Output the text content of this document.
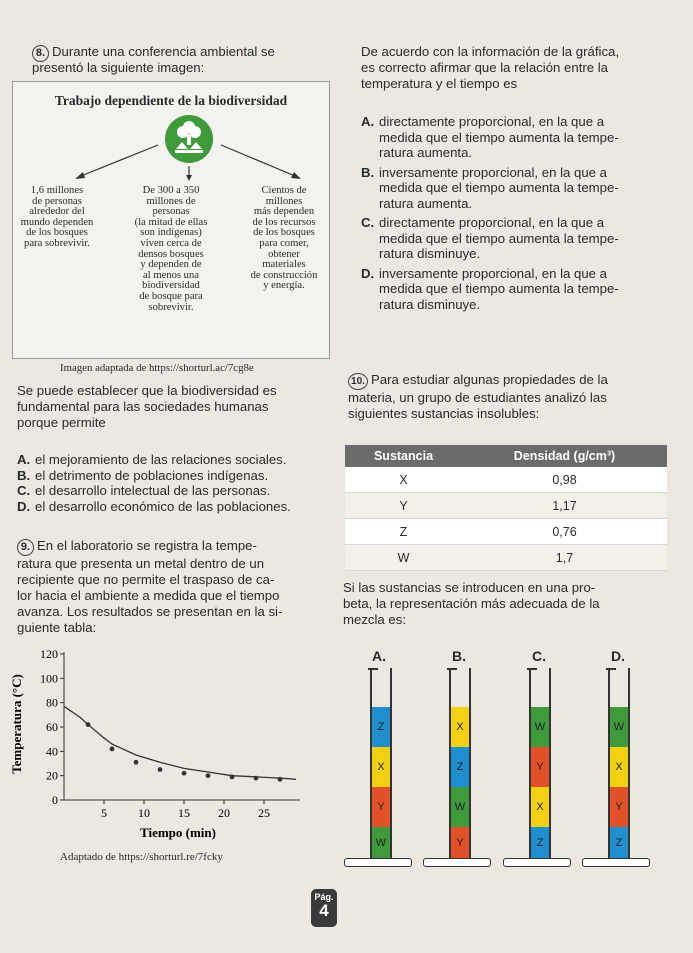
8. Durante una conferencia ambiental se
presentó la siguiente imagen:
Trabajo dependiente de la biodiversidad
1,6 millones
de personas
alrededor del
mundo dependen
de los bosques
para sobrevivir.
De 300 a 350
millones de
personas
(la mitad de ellas
son indígenas)
viven cerca de
densos bosques
y dependen de
al menos una
biodiversidad
de bosque para
sobrevivir.
Cientos de
millones
más dependen
de los recursos
de los bosques
para comer,
obtener
materiales
de construcción
y energía.
Imagen adaptada de https://shorturl.ac/7cg8e
Se puede establecer que la biodiversidad es
fundamental para las sociedades humanas
porque permite
A. el mejoramiento de las relaciones sociales.
B. el detrimento de poblaciones indígenas.
C. el desarrollo intelectual de las personas.
D. el desarrollo económico de las poblaciones.
9. En el laboratorio se registra la tempe-
ratura que presenta un metal dentro de un
recipiente que no permite el traspaso de ca-
lor hacia el ambiente a medida que el tiempo
avanza. Los resultados se presentan en la si-
guiente tabla:
0
20
40
60
80
100
120
5	10 15 20 25
Tiempo (min)
Temperatura (°C)
Adaptado de https://shorturl.re/7fcky
De acuerdo con la información de la gráfica,
es correcto afirmar que la relación entre la
temperatura y el tiempo es
A. directamente proporcional, en la que a
medida que el tiempo aumenta la tempe-
ratura aumenta.
B. inversamente proporcional, en la que a
medida que el tiempo aumenta la tempe-
ratura aumenta.
C. directamente proporcional, en la que a
medida que el tiempo aumenta la tempe-
ratura disminuye.
D. inversamente proporcional, en la que a
medida que el tiempo aumenta la tempe-
ratura disminuye.
10. Para estudiar algunas propiedades de la
materia, un grupo de estudiantes analizó las
siguientes sustancias insolubles:
Sustancia	Densidad (g/cm³)
X	0,98
Y	1,17
Z	0,76
W	1,7
Si las sustancias se introducen en una pro-
beta, la representación más adecuada de la
mezcla es:
A.	B.	C.	D.
Z
X
Y
W
X
Z
W
Y
W
Y
X
Z
W
X
Y
Z
Pág.
4
